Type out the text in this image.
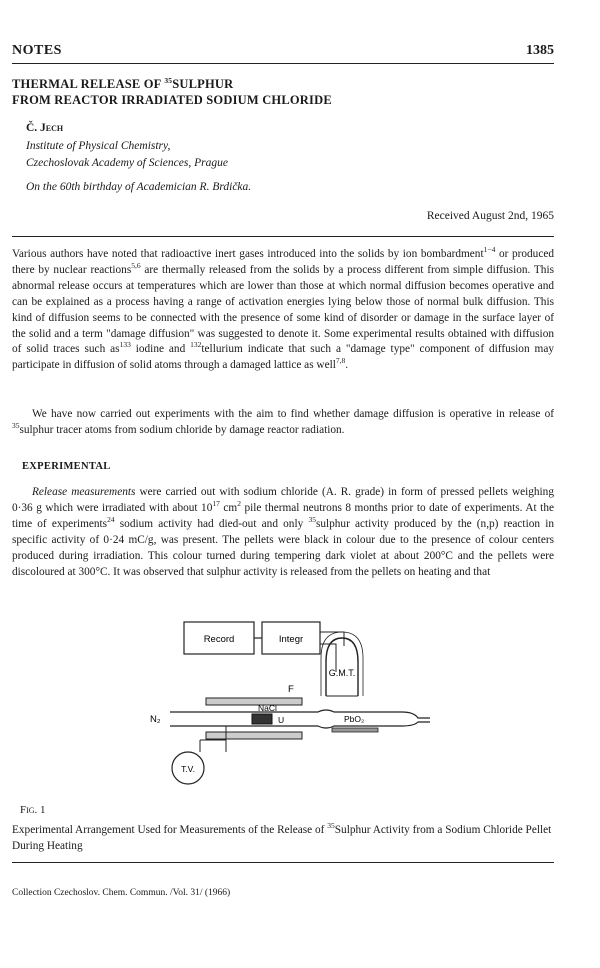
NOTES	1385
THERMAL RELEASE OF $^{35}$SULPHUR
FROM REACTOR IRRADIATED SODIUM CHLORIDE
Č. Jech
Institute of Physical Chemistry,
Czechoslovak Academy of Sciences, Prague
On the 60th birthday of Academician R. Brdička.
Received August 2nd, 1965
Various authors have noted that radioactive inert gases introduced into the solids by ion bombardment$^{1-4}$ or produced there by nuclear reactions$^{5,6}$ are thermally released from the solids by a process different from simple diffusion. This abnormal release occurs at temperatures which are lower than those at which normal diffusion becomes operative and can be explained as a process having a range of activation energies lying below those of normal bulk diffusion. This kind of diffusion seems to be connected with the presence of some kind of disorder or damage in the surface layer of the solid and a term "damage diffusion" was suggested to denote it. Some experimental results obtained with diffusion of solid traces such $as^{133}$ iodine and $^{132}$tellurium indicate that such a "damage type" component of diffusion may participate in diffusion of solid atoms through a damaged lattice as well$^{7,8}$.
We have now carried out experiments with the aim to find whether damage diffusion is operative in release of $^{35}$sulphur tracer atoms from sodium chloride by damage reactor radiation.
EXPERIMENTAL
Release measurements were carried out with sodium chloride (A. R. grade) in form of pressed pellets weighing 0·36 g which were irradiated with about $10^{17}$ $cm^2$ pile thermal neutrons 8 months prior to date of experiments. At the time of experiments$^{24}$ sodium activity had died-out and only $^{35}$sulphur activity produced by the (n,p) reaction in specific activity of 0·24 mC/g, was present. The pellets were black in colour due to the presence of colour centers produced during irradiation. This colour turned during tempering dark violet at about 200°C and the pellets were discoloured at 300°C. It was observed that sulphur activity is released from the pellets on heating and that
Record	Integr
G.M.T.
F
N₂
NaCl
U	PbO₂
T.V.
Fig. 1
Experimental Arrangement Used for Measurements of the Release of $^{35}$Sulphur Activity from a Sodium Chloride Pellet During Heating
Collection Czechoslov. Chem. Commun. /Vol. 31/ (1966)
